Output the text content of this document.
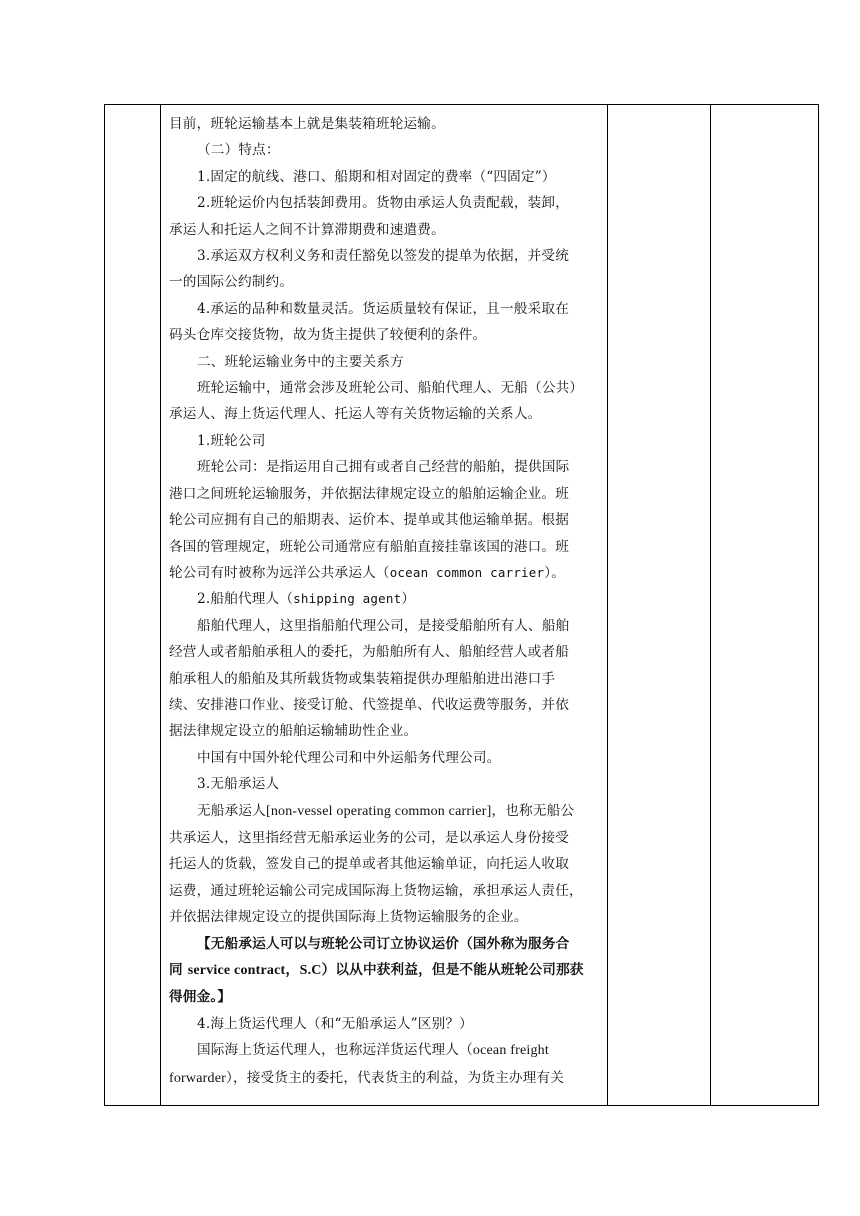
目前，班轮运输基本上就是集装箱班轮运输。

（二）特点：

1.固定的航线、港口、船期和相对固定的费率（“四固定”）

2.班轮运价内包括装卸费用。货物由承运人负责配载，装卸，

承运人和托运人之间不计算滞期费和速遣费。

3.承运双方权利义务和责任豁免以签发的提单为依据，并受统

一的国际公约制约。

4.承运的品种和数量灵活。货运质量较有保证，且一般采取在

码头仓库交接货物，故为货主提供了较便利的条件。

二、班轮运输业务中的主要关系方

班轮运输中，通常会涉及班轮公司、船舶代理人、无船（公共）

承运人、海上货运代理人、托运人等有关货物运输的关系人。

1.班轮公司

班轮公司：是指运用自己拥有或者自己经营的船舶，提供国际

港口之间班轮运输服务，并依据法律规定设立的船舶运输企业。班

轮公司应拥有自己的船期表、运价本、提单或其他运输单据。根据

各国的管理规定，班轮公司通常应有船舶直接挂靠该国的港口。班

轮公司有时被称为远洋公共承运人（ocean common carrier）。

2.船舶代理人（shipping agent）

船舶代理人，这里指船舶代理公司，是接受船舶所有人、船舶

经营人或者船舶承租人的委托，为船舶所有人、船舶经营人或者船

舶承租人的船舶及其所载货物或集装箱提供办理船舶进出港口手

续、安排港口作业、接受订舱、代签提单、代收运费等服务，并依

据法律规定设立的船舶运输辅助性企业。

中国有中国外轮代理公司和中外运船务代理公司。

3.无船承运人

无船承运人[non-vessel operating common carrier]，也称无船公

共承运人，这里指经营无船承运业务的公司，是以承运人身份接受

托运人的货载，签发自己的提单或者其他运输单证，向托运人收取

运费，通过班轮运输公司完成国际海上货物运输，承担承运人责任，

并依据法律规定设立的提供国际海上货物运输服务的企业。

【无船承运人可以与班轮公司订立协议运价（国外称为服务合

同 service contract，S.C）以从中获利益，但是不能从班轮公司那获

得佣金。】

4.海上货运代理人（和“无船承运人”区别？）

国际海上货运代理人，也称远洋货运代理人（ocean freight

forwarder），接受货主的委托，代表货主的利益，为货主办理有关
